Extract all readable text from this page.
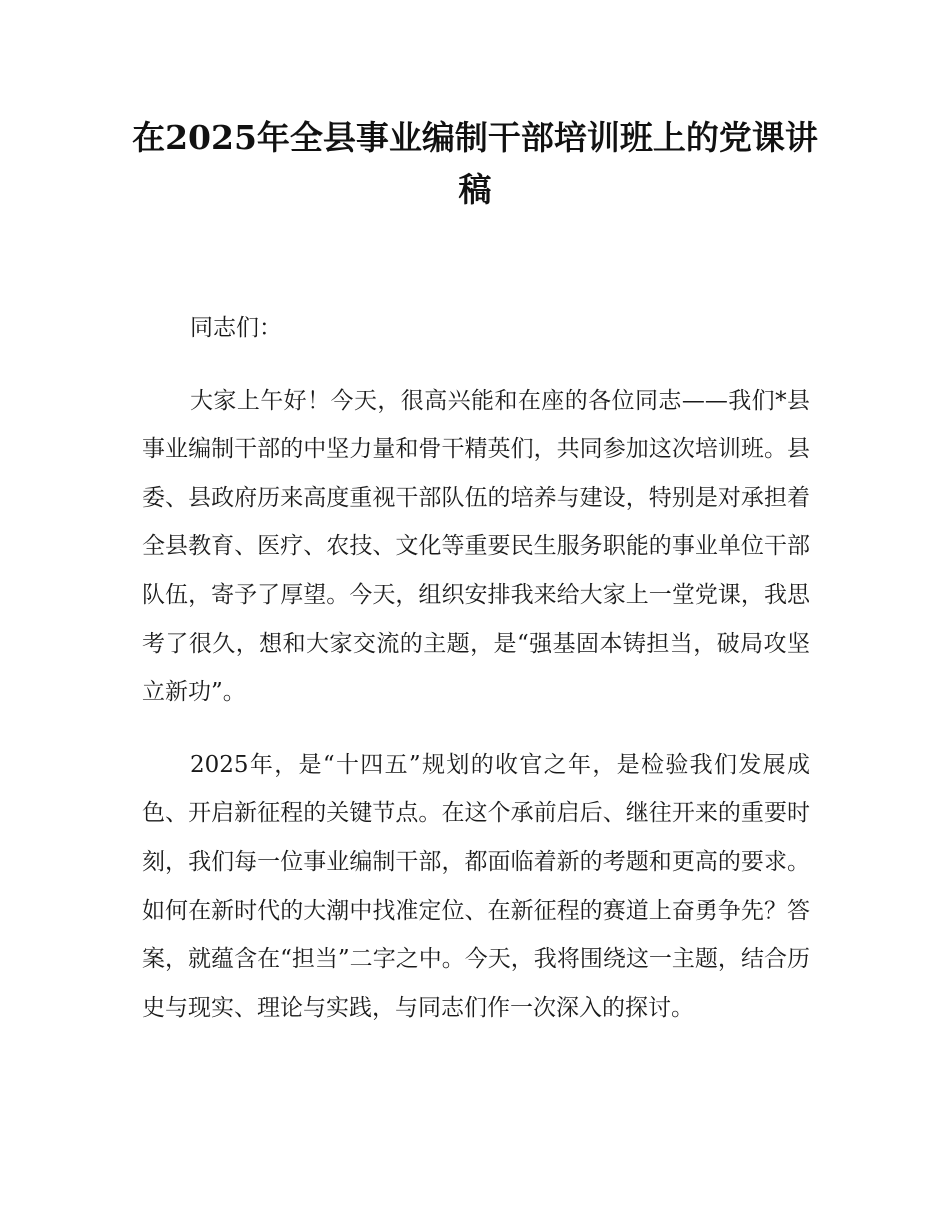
在2025年全县事业编制干部培训班上的党课讲稿

同志们：

大家上午好！今天，很高兴能和在座的各位同志——我们*县事业编制干部的中坚力量和骨干精英们，共同参加这次培训班。县委、县政府历来高度重视干部队伍的培养与建设，特别是对承担着全县教育、医疗、农技、文化等重要民生服务职能的事业单位干部队伍，寄予了厚望。今天，组织安排我来给大家上一堂党课，我思考了很久，想和大家交流的主题，是“强基固本铸担当，破局攻坚立新功”。

2025年，是“十四五”规划的收官之年，是检验我们发展成色、开启新征程的关键节点。在这个承前启后、继往开来的重要时刻，我们每一位事业编制干部，都面临着新的考题和更高的要求。如何在新时代的大潮中找准定位、在新征程的赛道上奋勇争先？答案，就蕴含在“担当”二字之中。今天，我将围绕这一主题，结合历史与现实、理论与实践，与同志们作一次深入的探讨。
